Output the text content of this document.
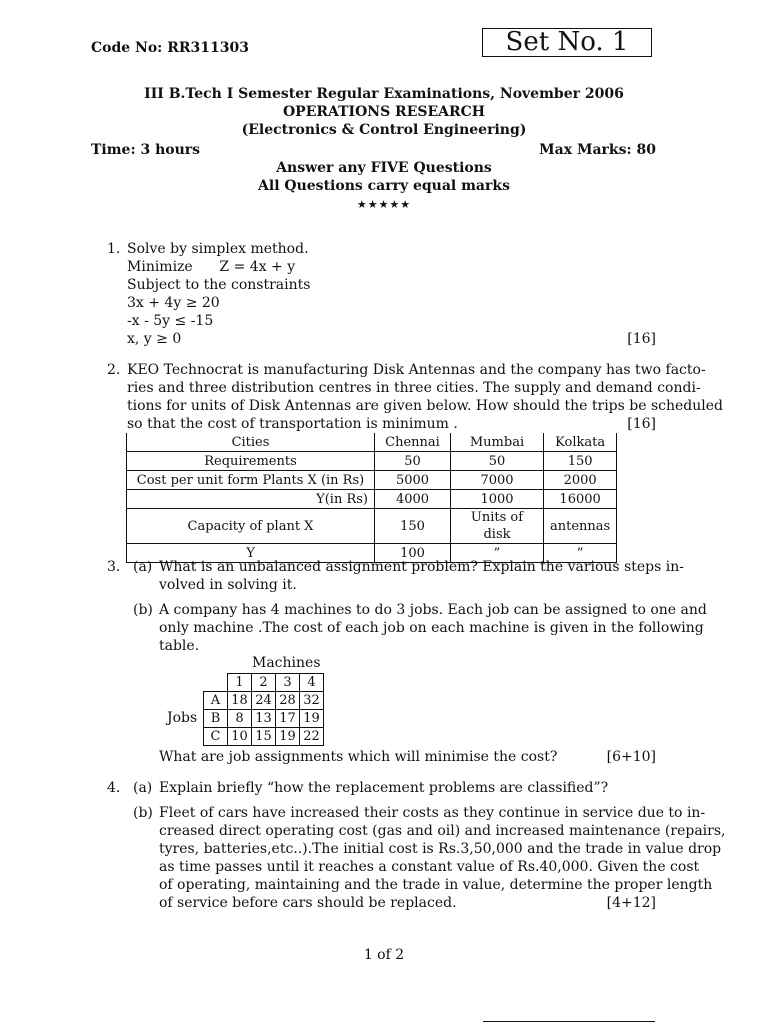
Code No: RR311303	Set No. 1
III B.Tech I Semester Regular Examinations, November 2006
OPERATIONS RESEARCH
(Electronics & Control Engineering)
Time: 3 hours	Max Marks: 80
Answer any FIVE Questions
All Questions carry equal marks
★★★★★
1. Solve by simplex method.
Minimize      Z = 4x + y
Subject to the constraints
3x + 4y ≥ 20
-x - 5y ≤ -15
x, y ≥ 0	[16]
2. KEO Technocrat is manufacturing Disk Antennas and the company has two facto-
ries and three distribution centres in three cities. The supply and demand condi-
tions for units of Disk Antennas are given below. How should the trips be scheduled
so that the cost of transportation is minimum .	[16]
Cities	Chennai	Mumbai	Kolkata
Requirements	50	50	150
Cost per unit form Plants X (in Rs)	5000	7000	2000
Y(in Rs)	4000	1000	16000
Capacity of plant X	150	Units of disk	antennas
Y	100	”	”
3. (a) What is an unbalanced assignment problem? Explain the various steps in-
volved in solving it.
(b) A company has 4 machines to do 3 jobs. Each job can be assigned to one and
only machine .The cost of each job on each machine is given in the following
table.
Machines
Jobs
	1	2	3	4
A	18	24	28	32
B	8	13	17	19
C	10	15	19	22
What are job assignments which will minimise the cost?	[6+10]
4. (a) Explain briefly “how the replacement problems are classified”?
(b) Fleet of cars have increased their costs as they continue in service due to in-
creased direct operating cost (gas and oil) and increased maintenance (repairs,
tyres, batteries,etc..).The initial cost is Rs.3,50,000 and the trade in value drop
as time passes until it reaches a constant value of Rs.40,000. Given the cost
of operating, maintaining and the trade in value, determine the proper length
of service before cars should be replaced.	[4+12]
1 of 2
